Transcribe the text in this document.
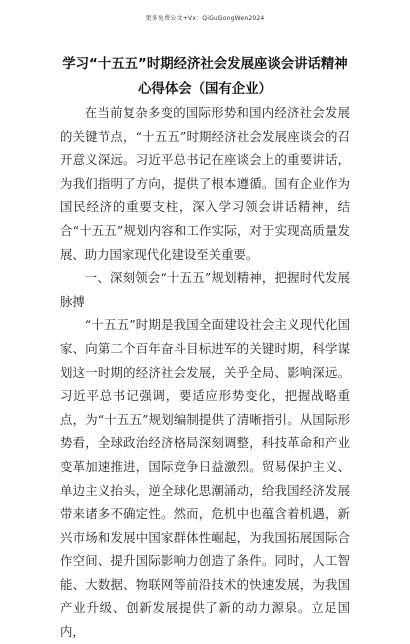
更多免费公文+Vx：QiGuGongWen2024
学习“十五五”时期经济社会发展座谈会讲话精神心得体会（国有企业）

在当前复杂多变的国际形势和国内经济社会发展的关键节点，“十五五”时期经济社会发展座谈会的召开意义深远。习近平总书记在座谈会上的重要讲话，为我们指明了方向，提供了根本遵循。国有企业作为国民经济的重要支柱，深入学习领会讲话精神，结合“十五五”规划内容和工作实际，对于实现高质量发展、助力国家现代化建设至关重要。

一、深刻领会“十五五”规划精神，把握时代发展脉搏

“十五五”时期是我国全面建设社会主义现代化国家、向第二个百年奋斗目标进军的关键时期，科学谋划这一时期的经济社会发展，关乎全局、影响深远。习近平总书记强调，要适应形势变化，把握战略重点，为“十五五”规划编制提供了清晰指引。从国际形势看，全球政治经济格局深刻调整，科技革命和产业变革加速推进，国际竞争日益激烈。贸易保护主义、单边主义抬头，逆全球化思潮涌动，给我国经济发展带来诸多不确定性。然而，危机中也蕴含着机遇，新兴市场和发展中国家群体性崛起，为我国拓展国际合作空间、提升国际影响力创造了条件。同时，人工智能、大数据、物联网等前沿技术的快速发展，为我国产业升级、创新发展提供了新的动力源泉。立足国内，
